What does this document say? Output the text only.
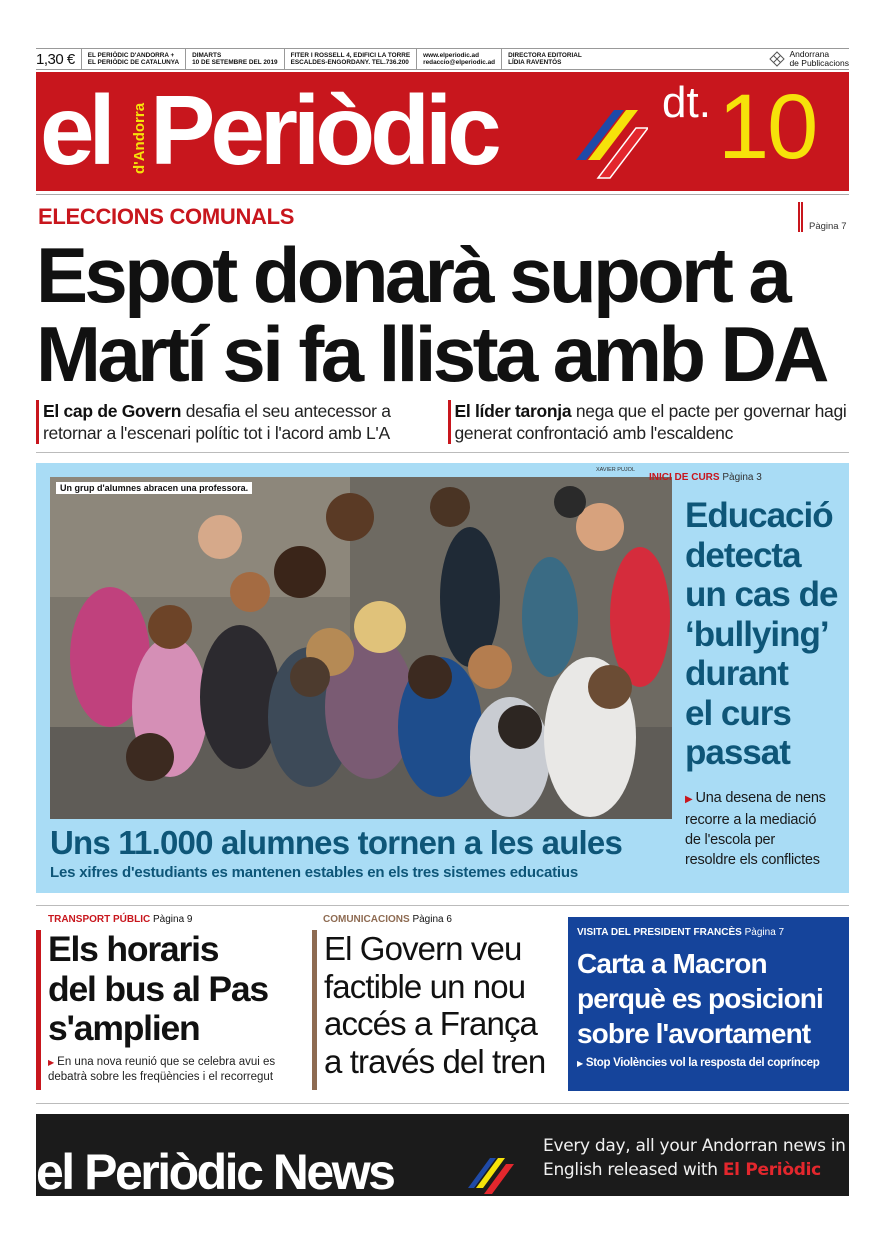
1,30 €	EL PERIÒDIC D'ANDORRA +
EL PERIÒDIC DE CATALUNYA
DIMARTS
10 DE SETEMBRE DEL 2019
FITER I ROSSELL 4, EDIFICI LA TORRE
ESCALDES-ENGORDANY. TEL.736.200
www.elperiodic.ad
redaccio@elperiodic.ad
DIRECTORA EDITORIAL
LÍDIA RAVENTÓS
Andorrana
de Publicacions
el d'Andorra Periòdic	dt. 10
ELECCIONS COMUNALS	Pàgina 7
Espot donarà suport a
Martí si fa llista amb DA
El cap de Govern desafia el seu antecessor a retornar a l'escenari polític tot i l'acord amb L'A
El líder taronja nega que el pacte per governar hagi generat confrontació amb l'escaldenc
Un grup d'alumnes abracen una professora.
XAVIER PUJOL
INICI DE CURS Pàgina 3
Educació
detecta
un cas de
‘bullying’
durant
el curs
passat
▶ Una desena de nens
recorre a la mediació
de l'escola per
resoldre els conflictes
Uns 11.000 alumnes tornen a les aules
Les xifres d'estudiants es mantenen estables en els tres sistemes educatius
TRANSPORT PÚBLIC Pàgina 9
Els horaris
del bus al Pas
s'amplien
▶ En una nova reunió que se celebra avui es
debatrà sobre les freqüències i el recorregut
COMUNICACIONS Pàgina 6
El Govern veu
factible un nou
accés a França
a través del tren
VISITA DEL PRESIDENT FRANCÈS Pàgina 7
Carta a Macron
perquè es posicioni
sobre l'avortament
▶ Stop Violències vol la resposta del copríncep
el Periòdic News	Every day, all your Andorran news in
English released with El Periòdic
